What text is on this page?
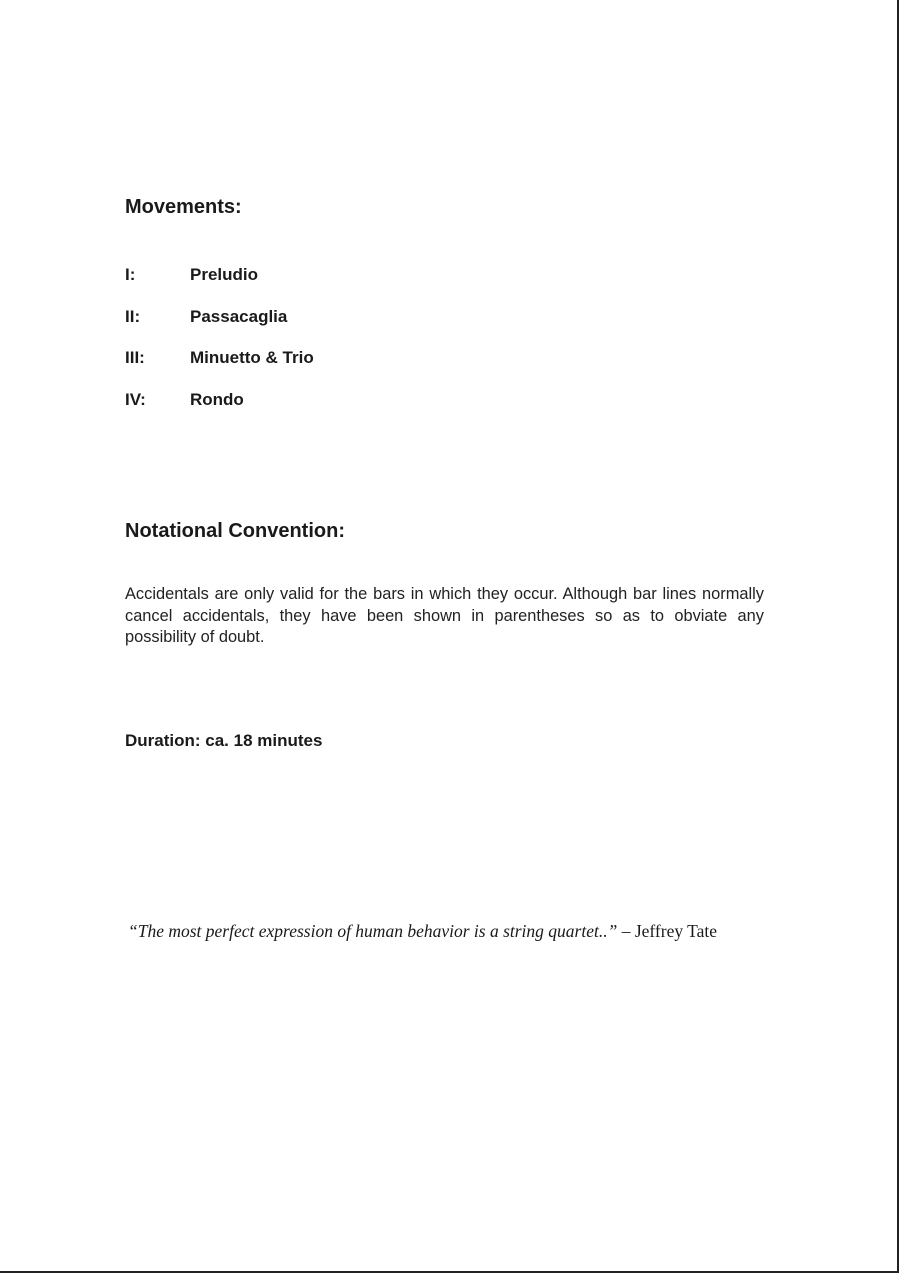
Movements:
I:	Preludio
II:	Passacaglia
III:	Minuetto & Trio
IV:	Rondo
Notational Convention:

Accidentals are only valid for the bars in which they occur. Although bar lines normally cancel accidentals, they have been shown in parentheses so as to obviate any possibility of doubt.

Duration: ca. 18 minutes
“The most perfect expression of human behavior is a string quartet..” – Jeffrey Tate
